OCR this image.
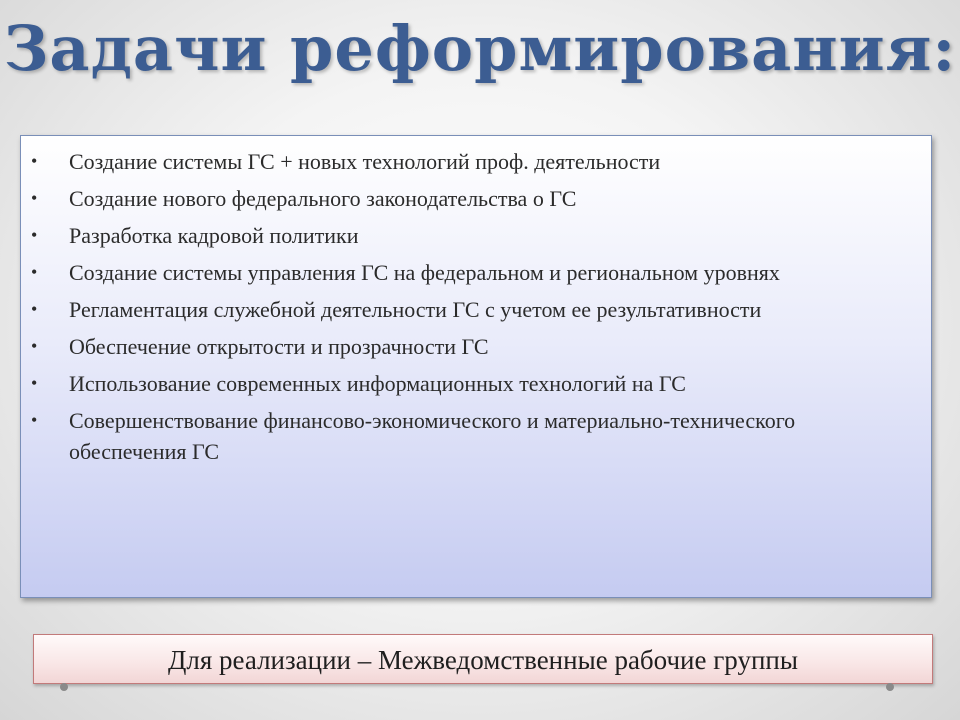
Задачи реформирования:
• Создание системы ГС + новых технологий проф. деятельности
• Создание нового федерального законодательства о ГС
• Разработка кадровой политики
• Создание системы управления ГС на федеральном и региональном уровнях
• Регламентация служебной деятельности ГС с учетом ее результативности
• Обеспечение открытости и прозрачности ГС
• Использование современных информационных технологий на ГС
• Совершенствование финансово-экономического и материально-технического обеспечения ГС
Для реализации – Межведомственные рабочие группы
